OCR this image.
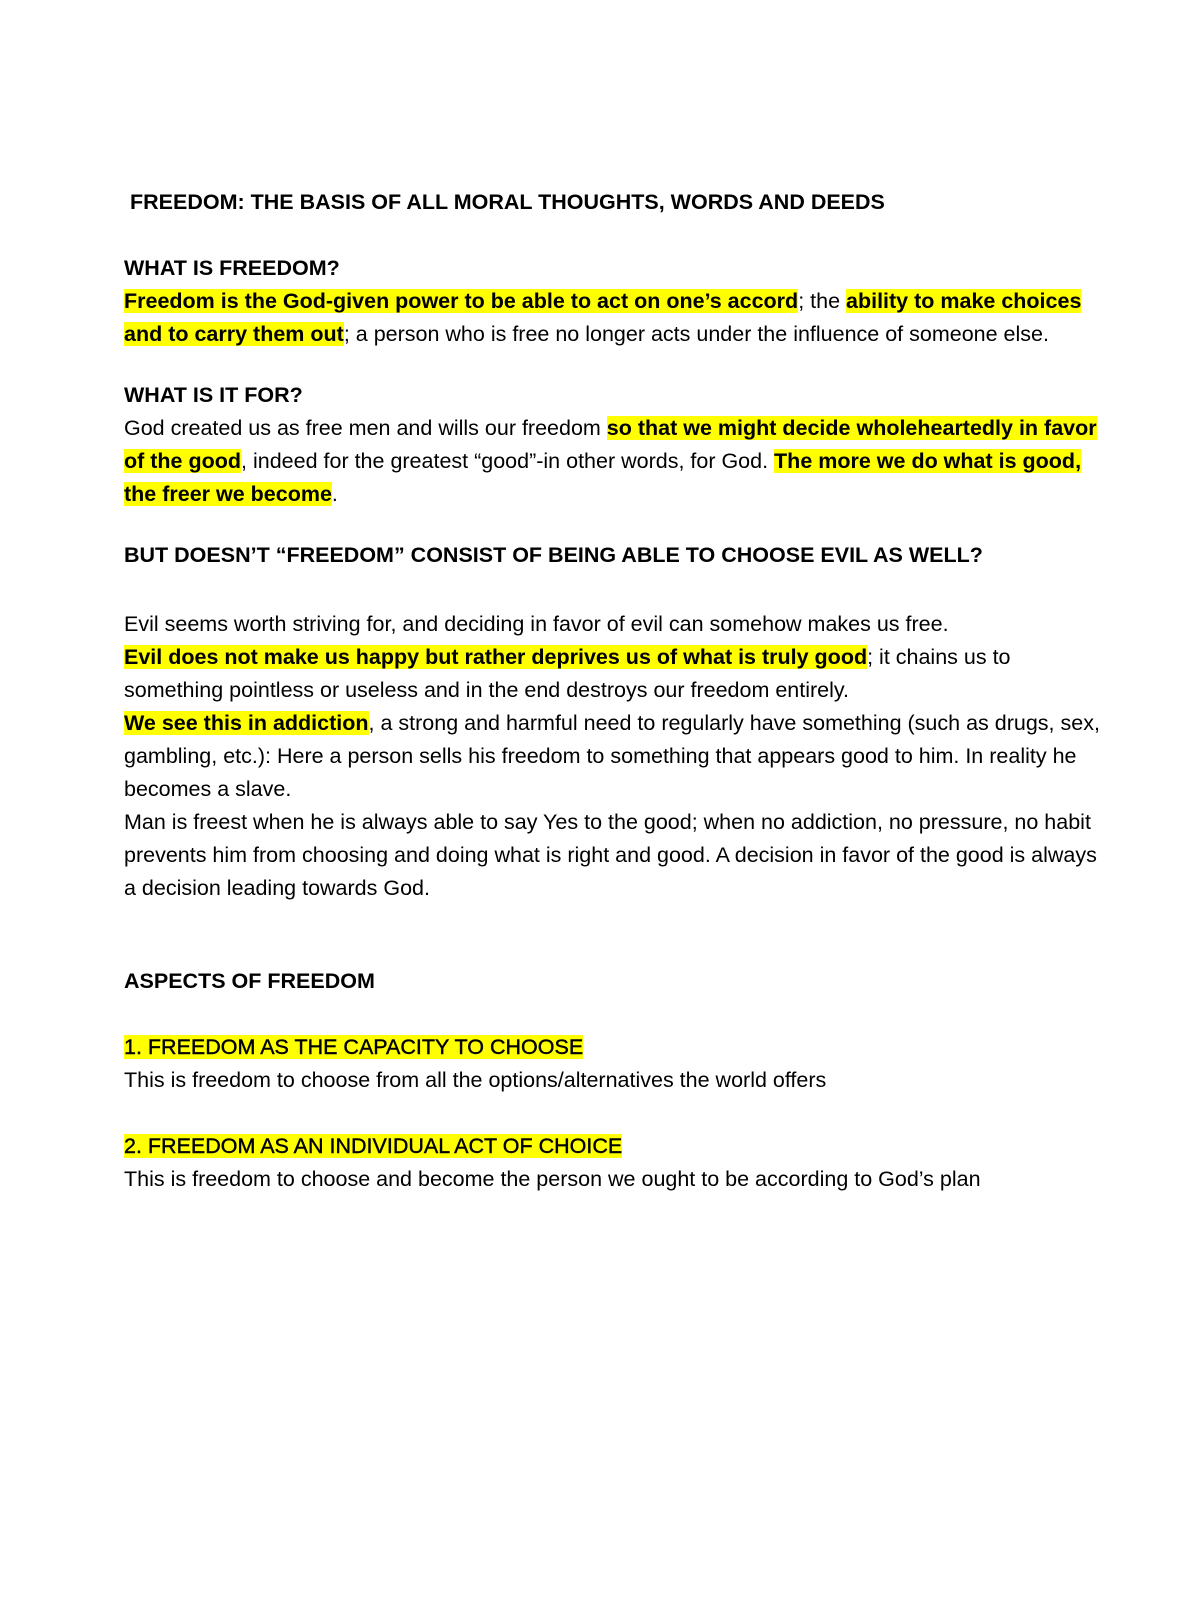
FREEDOM: THE BASIS OF ALL MORAL THOUGHTS, WORDS AND DEEDS

WHAT IS FREEDOM?

Freedom is the God-given power to be able to act on one’s accord; the ability to make choices and to carry them out; a person who is free no longer acts under the influence of someone else.

WHAT IS IT FOR?

God created us as free men and wills our freedom so that we might decide wholeheartedly in favor of the good, indeed for the greatest “good”-in other words, for God. The more we do what is good, the freer we become.

BUT DOESN’T “FREEDOM” CONSIST OF BEING ABLE TO CHOOSE EVIL AS WELL?

Evil seems worth striving for, and deciding in favor of evil can somehow makes us free.

Evil does not make us happy but rather deprives us of what is truly good; it chains us to something pointless or useless and in the end destroys our freedom entirely.

We see this in addiction, a strong and harmful need to regularly have something (such as drugs, sex, gambling, etc.): Here a person sells his freedom to something that appears good to him. In reality he becomes a slave.

Man is freest when he is always able to say Yes to the good; when no addiction, no pressure, no habit prevents him from choosing and doing what is right and good. A decision in favor of the good is always a decision leading towards God.

ASPECTS OF FREEDOM

1. FREEDOM AS THE CAPACITY TO CHOOSE

This is freedom to choose from all the options/alternatives the world offers

2. FREEDOM AS AN INDIVIDUAL ACT OF CHOICE

This is freedom to choose and become the person we ought to be according to God’s plan
